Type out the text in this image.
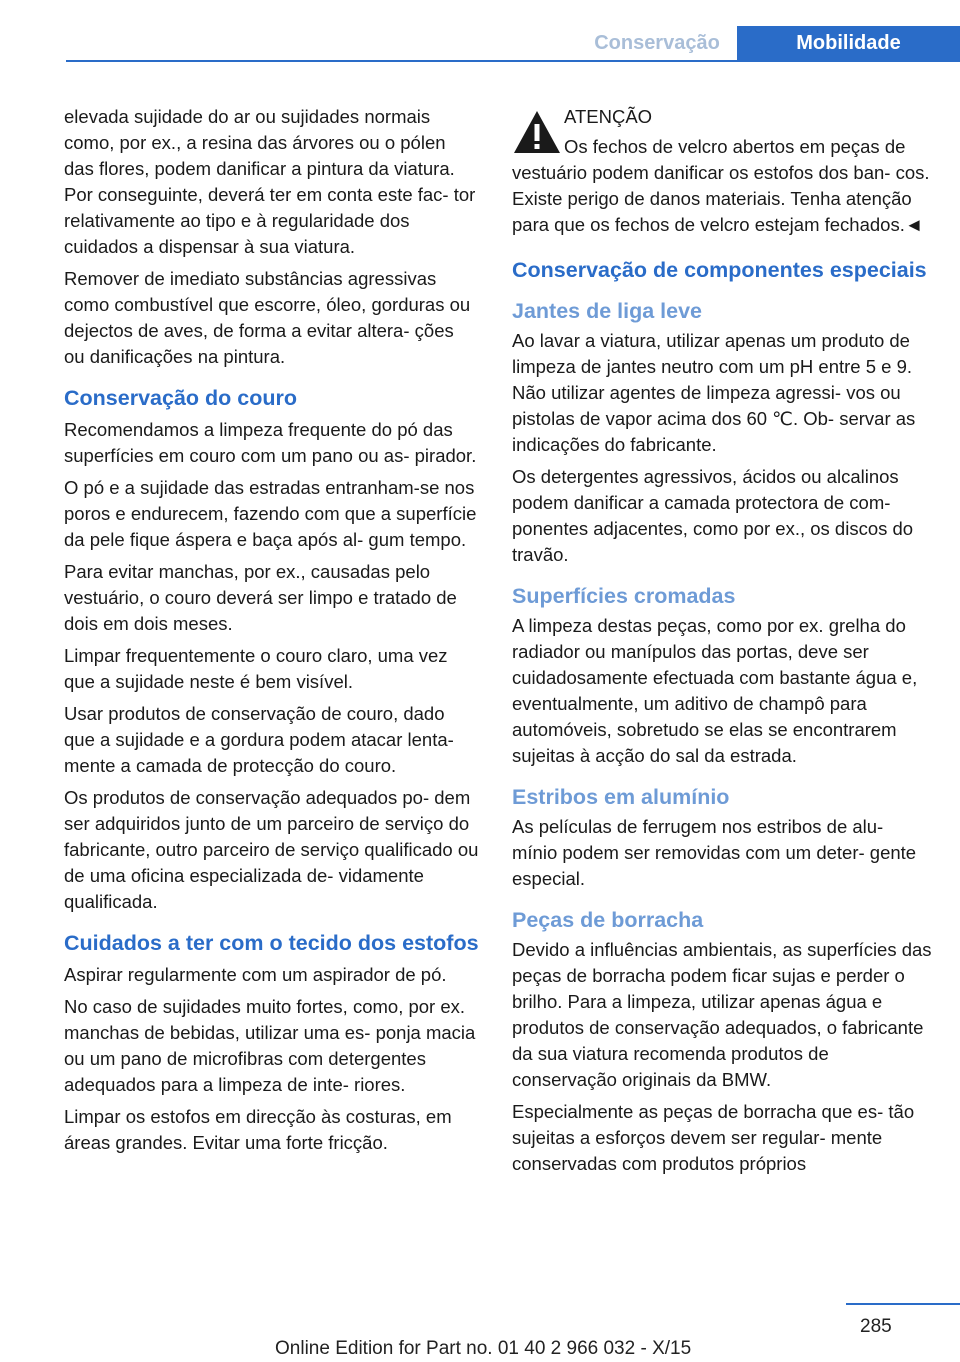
Conservação	Mobilidade

elevada sujidade do ar ou sujidades normais como, por ex., a resina das árvores ou o pólen das flores, podem danificar a pintura da viatura. Por conseguinte, deverá ter em conta este fac‐ tor relativamente ao tipo e à regularidade dos cuidados a dispensar à sua viatura.

Remover de imediato substâncias agressivas como combustível que escorre, óleo, gorduras ou dejectos de aves, de forma a evitar altera‐ ções ou danificações na pintura.

Conservação do couro

Recomendamos a limpeza frequente do pó das superfícies em couro com um pano ou as‐ pirador.

O pó e a sujidade das estradas entranham-se nos poros e endurecem, fazendo com que a superfície da pele fique áspera e baça após al‐ gum tempo.

Para evitar manchas, por ex., causadas pelo vestuário, o couro deverá ser limpo e tratado de dois em dois meses.

Limpar frequentemente o couro claro, uma vez que a sujidade neste é bem visível.

Usar produtos de conservação de couro, dado que a sujidade e a gordura podem atacar lenta‐ mente a camada de protecção do couro.

Os produtos de conservação adequados po‐ dem ser adquiridos junto de um parceiro de serviço do fabricante, outro parceiro de serviço qualificado ou de uma oficina especializada de‐ vidamente qualificada.

Cuidados a ter com o tecido dos estofos

Aspirar regularmente com um aspirador de pó.

No caso de sujidades muito fortes, como, por ex. manchas de bebidas, utilizar uma es‐ ponja macia ou um pano de microfibras com detergentes adequados para a limpeza de inte‐ riores.

Limpar os estofos em direcção às costuras, em áreas grandes. Evitar uma forte fricção.

ATENÇÃO

Os fechos de velcro abertos em peças de vestuário podem danificar os estofos dos ban‐ cos. Existe perigo de danos materiais. Tenha atenção para que os fechos de velcro estejam fechados.◄

Conservação de componentes especiais
Jantes de liga leve

Ao lavar a viatura, utilizar apenas um produto de limpeza de jantes neutro com um pH entre 5 e 9. Não utilizar agentes de limpeza agressi‐ vos ou pistolas de vapor acima dos 60 ℃. Ob‐ servar as indicações do fabricante.

Os detergentes agressivos, ácidos ou alcalinos podem danificar a camada protectora de com‐ ponentes adjacentes, como por ex., os discos do travão.

Superfícies cromadas

A limpeza destas peças, como por ex. grelha do radiador ou manípulos das portas, deve ser cuidadosamente efectuada com bastante água e, eventualmente, um aditivo de champô para automóveis, sobretudo se elas se encontrarem sujeitas à acção do sal da estrada.

Estribos em alumínio

As películas de ferrugem nos estribos de alu‐ mínio podem ser removidas com um deter‐ gente especial.

Peças de borracha

Devido a influências ambientais, as superfícies das peças de borracha podem ficar sujas e perder o brilho. Para a limpeza, utilizar apenas água e produtos de conservação adequados, o fabricante da sua viatura recomenda produtos de conservação originais da BMW.

Especialmente as peças de borracha que es‐ tão sujeitas a esforços devem ser regular‐ mente conservadas com produtos próprios

285
Online Edition for Part no. 01 40 2 966 032 - X/15
